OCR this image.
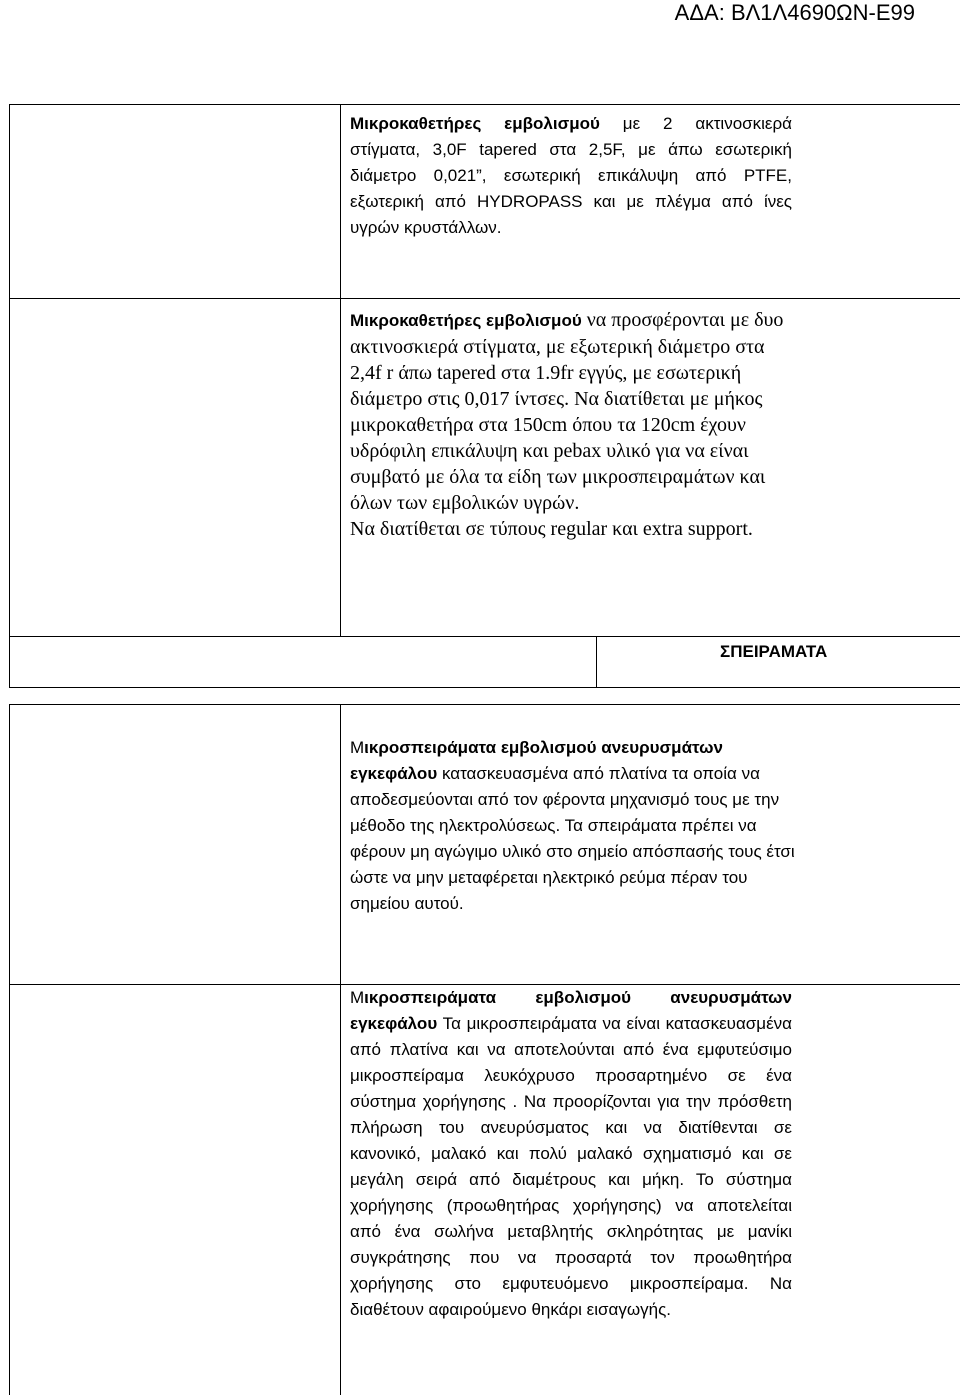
ΑΔΑ: ΒΛ1Λ4690ΩΝ-Ε99
ΣΠΕΙΡΑΜΑΤΑ

Μικροκαθετήρες εμβολισμού με 2 ακτινοσκιερά στίγματα, 3,0F tapered στα 2,5F, με άπω εσωτερική διάμετρο 0,021”, εσωτερική επικάλυψη από PTFE, εξωτερική από HYDROPASS και με πλέγμα από ίνες υγρών κρυστάλλων.

Μικροκαθετήρες εμβολισμού να προσφέρονται με δυο ακτινοσκιερά στίγματα, με εξωτερική διάμετρο στα 2,4f r άπω tapered στα 1.9fr εγγύς, με εσωτερική διάμετρο στις 0,017 ίντσες. Να διατίθεται με μήκος μικροκαθετήρα στα 150cm όπου τα 120cm έχουν υδρόφιλη επικάλυψη και pebax υλικό για να είναι συμβατό με όλα τα είδη των μικροσπειραμάτων και όλων των εμβολικών υγρών.

Να διατίθεται σε τύπους regular και extra support.

Μικροσπειράματα εμβολισμού ανευρυσμάτων εγκεφάλου κατασκευασμένα από πλατίνα τα οποία να αποδεσμεύονται από τον φέροντα μηχανισμό τους με την μέθοδο της ηλεκτρολύσεως. Τα σπειράματα πρέπει να φέρουν μη αγώγιμο υλικό στο σημείο απόσπασής τους έτσι ώστε να μην μεταφέρεται ηλεκτρικό ρεύμα πέραν του σημείου αυτού.

Μικροσπειράματα εμβολισμού ανευρυσμάτων εγκεφάλου Τα μικροσπειράματα να είναι κατασκευασμένα από πλατίνα και να αποτελούνται από ένα εμφυτεύσιμο μικροσπείραμα λευκόχρυσο προσαρτημένο σε ένα σύστημα χορήγησης . Να προορίζονται για την πρόσθετη πλήρωση του ανευρύσματος και να διατίθενται σε κανονικό, μαλακό και πολύ μαλακό σχηματισμό και σε μεγάλη σειρά από διαμέτρους και μήκη. Το σύστημα χορήγησης (προωθητήρας χορήγησης) να αποτελείται από ένα σωλήνα μεταβλητής σκληρότητας με μανίκι συγκράτησης που να προσαρτά τον προωθητήρα χορήγησης στο εμφυτευόμενο μικροσπείραμα. Να διαθέτουν αφαιρούμενο θηκάρι εισαγωγής.
